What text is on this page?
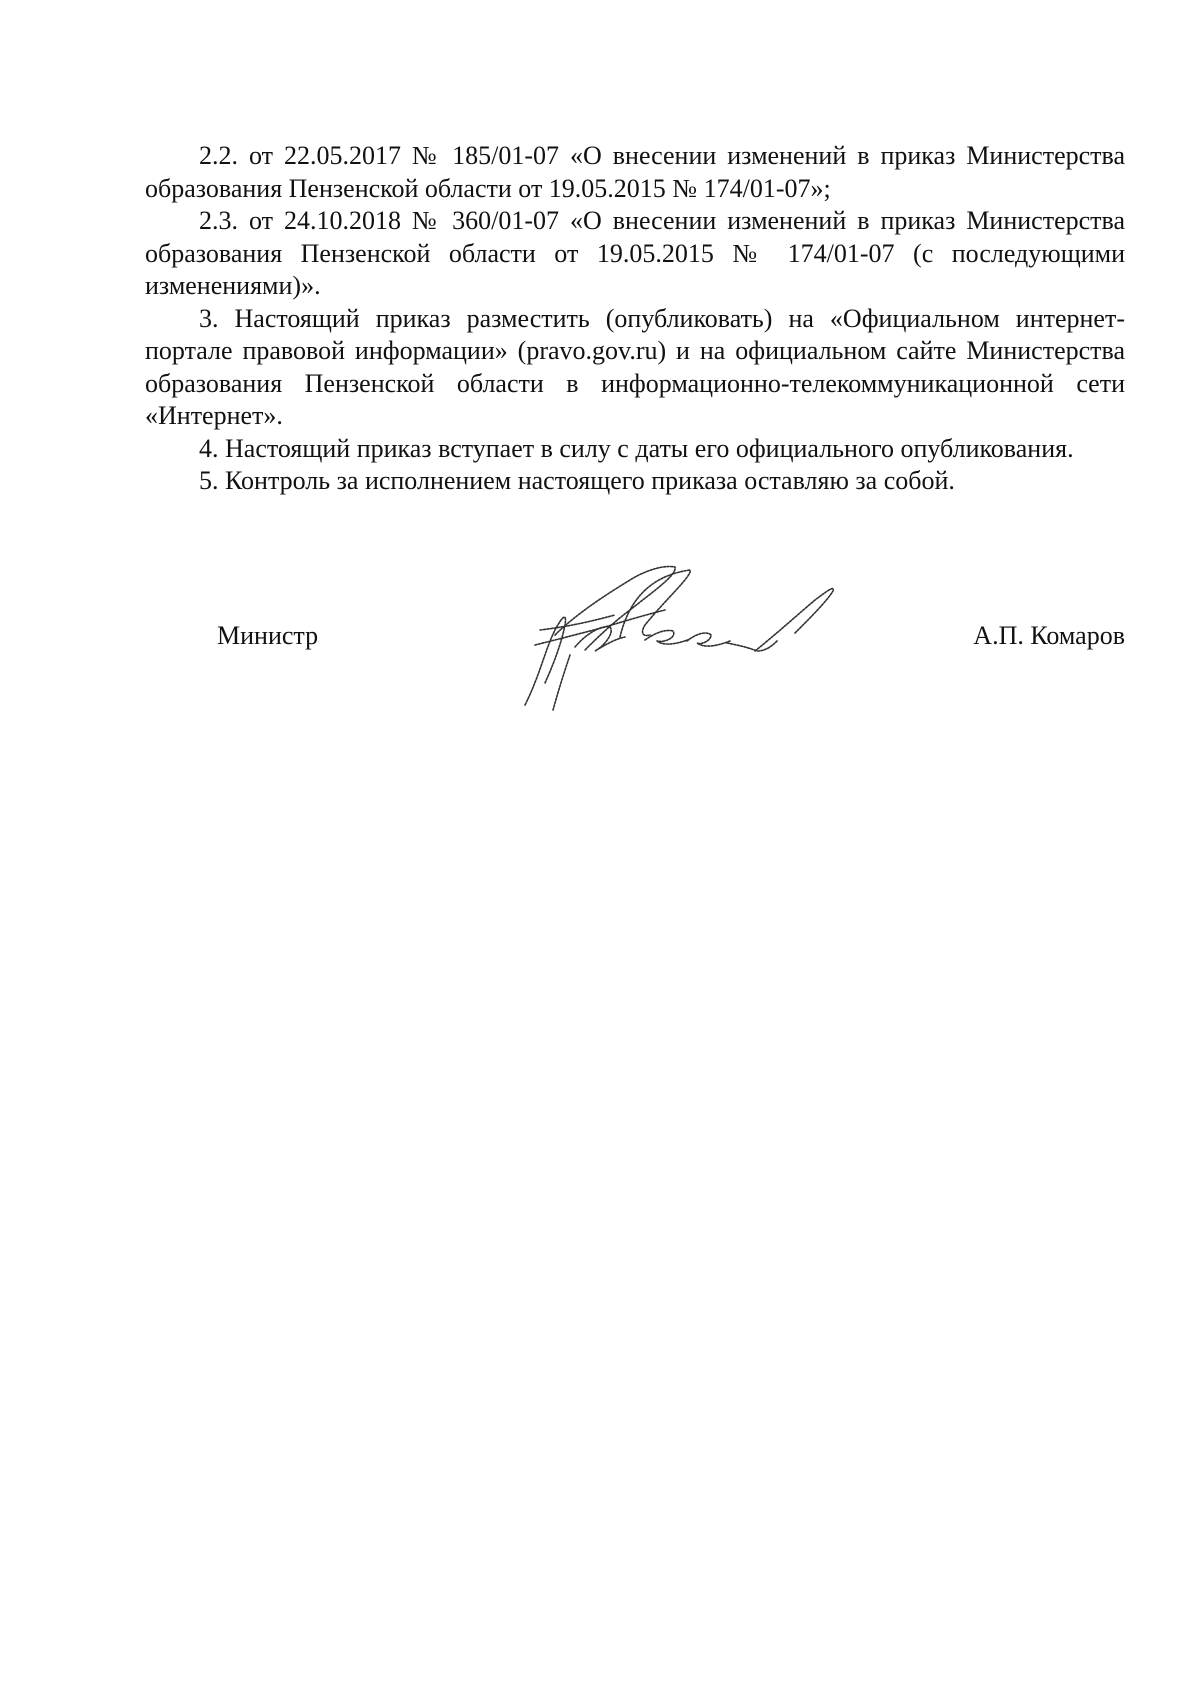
2.2. от 22.05.2017 № 185/01-07 «О внесении изменений в приказ Министерства образования Пензенской области от 19.05.2015 № 174/01-07»;

2.3. от 24.10.2018 № 360/01-07 «О внесении изменений в приказ Министерства образования Пензенской области от 19.05.2015 № 174/01-07 (с последующими изменениями)».

3. Настоящий приказ разместить (опубликовать) на «Официальном интернет-портале правовой информации» (pravo.gov.ru) и на официальном сайте Министерства образования Пензенской области в информационно-телекоммуникационной сети «Интернет».

4. Настоящий приказ вступает в силу с даты его официального опубликования.

5. Контроль за исполнением настоящего приказа оставляю за собой.

Министр	А.П. Комаров
